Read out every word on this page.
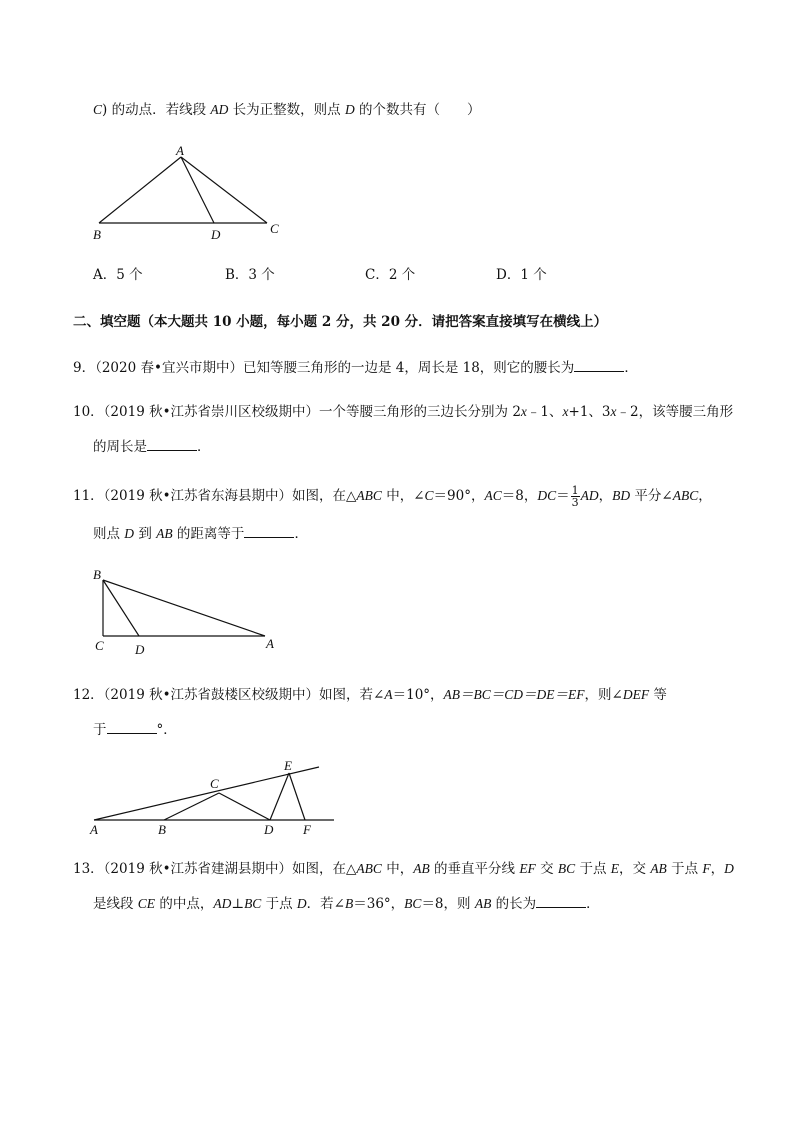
C) 的动点．若线段 AD 长为正整数，则点 D 的个数共有（　　）
A
B	D	C
A．5 个	B．3 个	C．2 个	D．1 个
二、填空题（本大题共 10 小题，每小题 2 分，共 20 分．请把答案直接填写在横线上）
9．（2020 春•宜兴市期中）已知等腰三角形的一边是 4，周长是 18，则它的腰长为	．
10．（2019 秋•江苏省崇川区校级期中）一个等腰三角形的三边长分别为 2x﹣1、x+1、3x﹣2，该等腰三角形
的周长是	．
11．（2019 秋•江苏省东海县期中）如图，在△ABC 中，∠C＝90°，AC＝8，$DC= \frac{1}{3}$ AD，BD 平分∠ABC，
则点 D 到 AB 的距离等于	．
B
C D	A
12．（2019 秋•江苏省鼓楼区校级期中）如图，若∠A＝10°，AB＝BC＝CD＝DE＝EF，则∠DEF 等
于	°．
A	B
C
D
E
F
13．（2019 秋•江苏省建湖县期中）如图，在△ABC 中，AB 的垂直平分线 EF 交 BC 于点 E，交 AB 于点 F，D
是线段 CE 的中点，AD⊥BC 于点 D．若∠B＝36°，BC＝8，则 AB 的长为	．
